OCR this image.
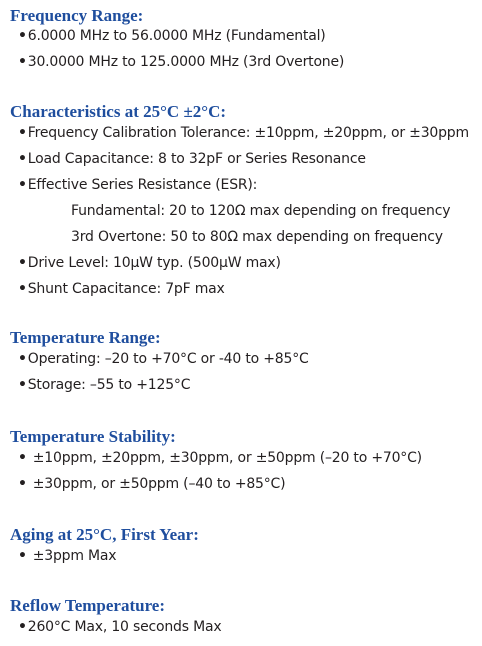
Frequency Range:
•6.0000 MHz to 56.0000 MHz (Fundamental)
•30.0000 MHz to 125.0000 MHz (3rd Overtone)
Characteristics at 25°C ±2°C:
•Frequency Calibration Tolerance: ±10ppm, ±20ppm, or ±30ppm
•Load Capacitance: 8 to 32pF or Series Resonance
•Effective Series Resistance (ESR):
Fundamental: 20 to 120Ω max depending on frequency
3rd Overtone: 50 to 80Ω max depending on frequency
•Drive Level: 10µW typ. (500µW max)
•Shunt Capacitance: 7pF max
Temperature Range:
•Operating: –20 to +70°C or -40 to +85°C
•Storage: –55 to +125°C
Temperature Stability:
• ±10ppm, ±20ppm, ±30ppm, or ±50ppm (–20 to +70°C)
• ±30ppm, or ±50ppm (–40 to +85°C)
Aging at 25°C, First Year:
• ±3ppm Max
Reflow Temperature:
•260°C Max, 10 seconds Max
